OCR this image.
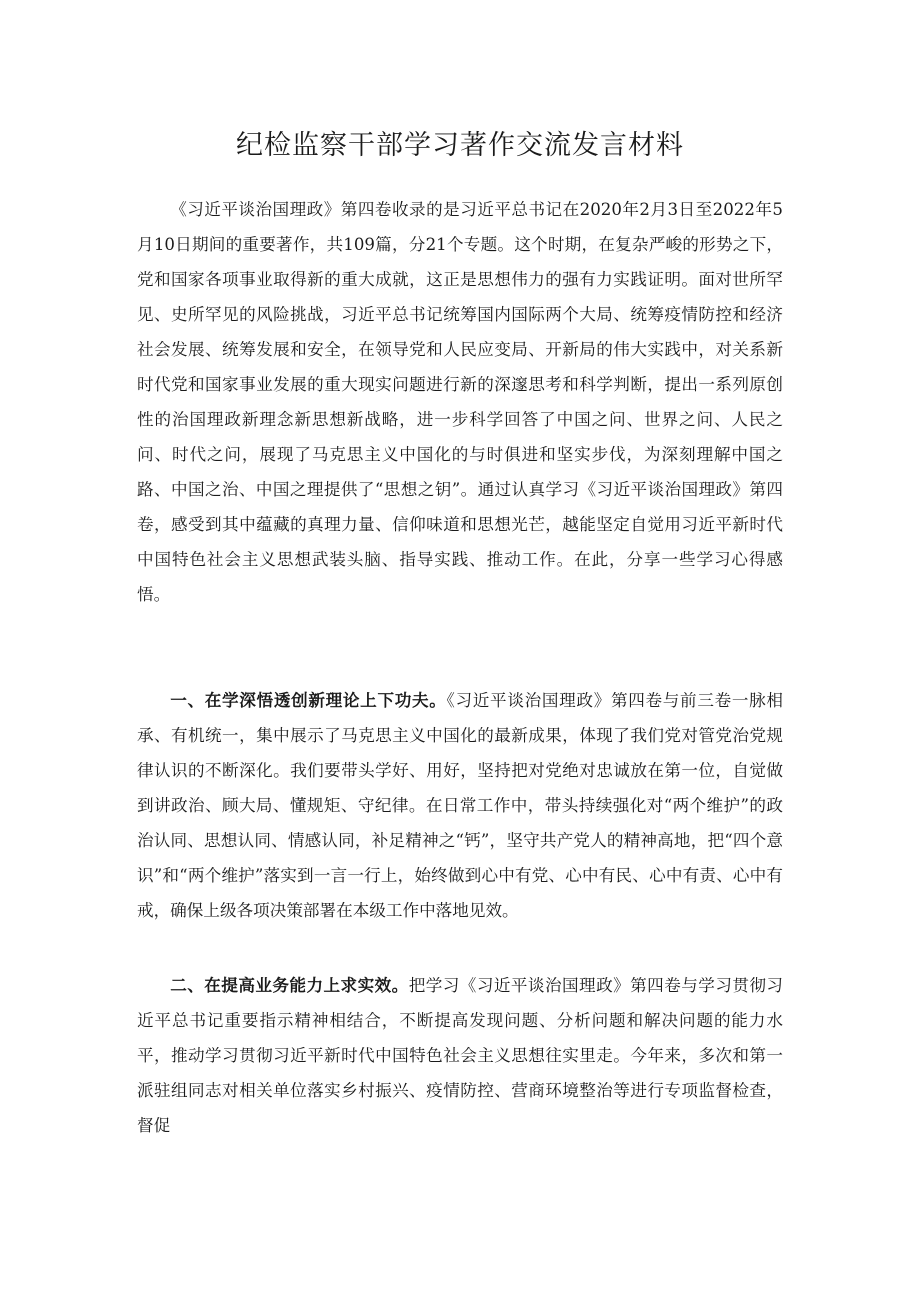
纪检监察干部学习著作交流发言材料

《习近平谈治国理政》第四卷收录的是习近平总书记在2020年2月3日至2022年5月10日期间的重要著作，共109篇，分21个专题。这个时期，在复杂严峻的形势之下，党和国家各项事业取得新的重大成就，这正是思想伟力的强有力实践证明。面对世所罕见、史所罕见的风险挑战，习近平总书记统筹国内国际两个大局、统筹疫情防控和经济社会发展、统筹发展和安全，在领导党和人民应变局、开新局的伟大实践中，对关系新时代党和国家事业发展的重大现实问题进行新的深邃思考和科学判断，提出一系列原创性的治国理政新理念新思想新战略，进一步科学回答了中国之问、世界之问、人民之问、时代之问，展现了马克思主义中国化的与时俱进和坚实步伐，为深刻理解中国之路、中国之治、中国之理提供了“思想之钥”。通过认真学习《习近平谈治国理政》第四卷，感受到其中蕴藏的真理力量、信仰味道和思想光芒，越能坚定自觉用习近平新时代中国特色社会主义思想武装头脑、指导实践、推动工作。在此，分享一些学习心得感悟。

一、在学深悟透创新理论上下功夫。《习近平谈治国理政》第四卷与前三卷一脉相承、有机统一，集中展示了马克思主义中国化的最新成果，体现了我们党对管党治党规律认识的不断深化。我们要带头学好、用好，坚持把对党绝对忠诚放在第一位，自觉做到讲政治、顾大局、懂规矩、守纪律。在日常工作中，带头持续强化对“两个维护”的政治认同、思想认同、情感认同，补足精神之“钙”，坚守共产党人的精神高地，把“四个意识”和“两个维护”落实到一言一行上，始终做到心中有党、心中有民、心中有责、心中有戒，确保上级各项决策部署在本级工作中落地见效。

二、在提高业务能力上求实效。把学习《习近平谈治国理政》第四卷与学习贯彻习近平总书记重要指示精神相结合，不断提高发现问题、分析问题和解决问题的能力水平，推动学习贯彻习近平新时代中国特色社会主义思想往实里走。今年来，多次和第一派驻组同志对相关单位落实乡村振兴、疫情防控、营商环境整治等进行专项监督检查，督促
